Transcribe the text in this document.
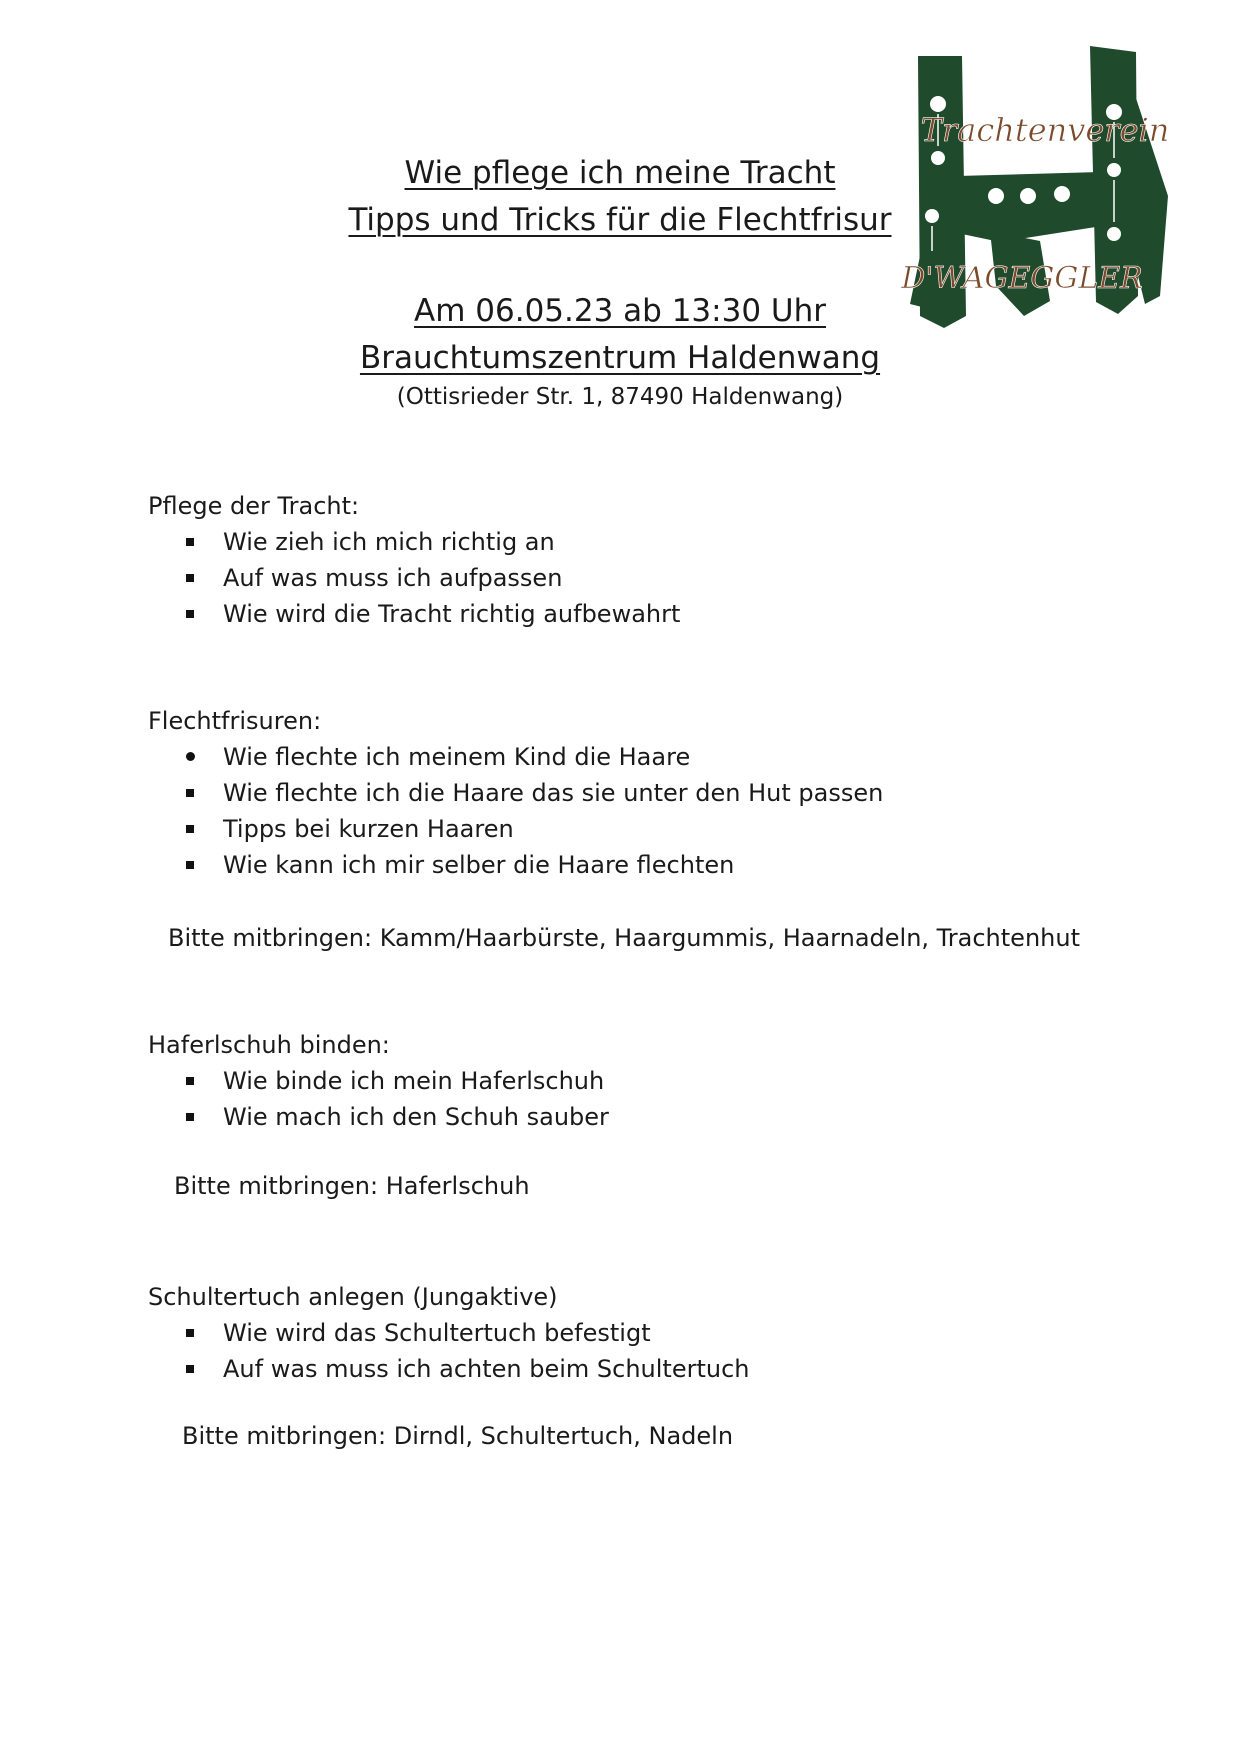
Wie pflege ich meine Tracht
Tipps und Tricks für die Flechtfrisur
Am 06.05.23 ab 13:30 Uhr
Brauchtumszentrum Haldenwang
(Ottisrieder Str. 1, 87490 Haldenwang)
Trachtenverein
D'WAGEGGLER
Pflege der Tracht:
Wie zieh ich mich richtig an
Auf was muss ich aufpassen
Wie wird die Tracht richtig aufbewahrt
Flechtfrisuren:
Wie flechte ich meinem Kind die Haare
Wie flechte ich die Haare das sie unter den Hut passen
Tipps bei kurzen Haaren
Wie kann ich mir selber die Haare flechten
Bitte mitbringen: Kamm/Haarbürste, Haargummis, Haarnadeln, Trachtenhut
Haferlschuh binden:
Wie binde ich mein Haferlschuh
Wie mach ich den Schuh sauber
Bitte mitbringen: Haferlschuh
Schultertuch anlegen (Jungaktive)
Wie wird das Schultertuch befestigt
Auf was muss ich achten beim Schultertuch
Bitte mitbringen: Dirndl, Schultertuch, Nadeln
